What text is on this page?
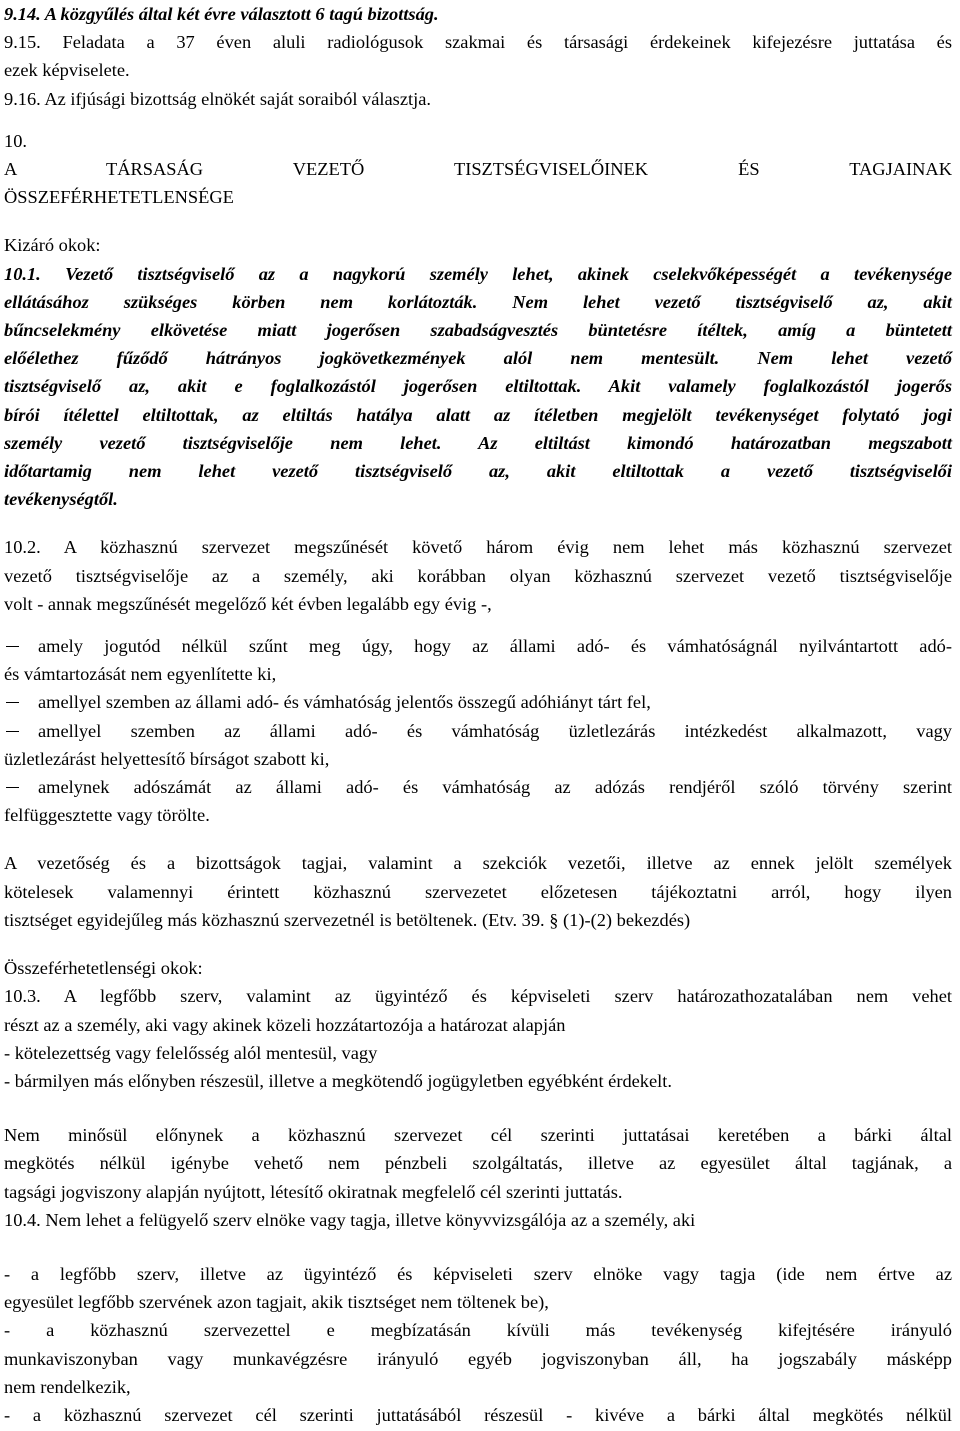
9.14. A közgyűlés által két évre választott 6 tagú bizottság.

9.15. Feladata a 37 éven aluli radiológusok szakmai és társasági érdekeinek kifejezésre juttatása és

ezek képviselete.

9.16. Az ifjúsági bizottság elnökét saját soraiból választja.

10.

A TÁRSASÁG VEZETŐ TISZTSÉGVISELŐINEK ÉS TAGJAINAK

ÖSSZEFÉRHETETLENSÉGE

Kizáró okok:

10.1. Vezető tisztségviselő az a nagykorú személy lehet, akinek cselekvőképességét a tevékenysége

ellátásához szükséges körben nem korlátozták. Nem lehet vezető tisztségviselő az, akit

bűncselekmény elkövetése miatt jogerősen szabadságvesztés büntetésre ítéltek, amíg a büntetett

előélethez fűződő hátrányos jogkövetkezmények alól nem mentesült. Nem lehet vezető

tisztségviselő az, akit e foglalkozástól jogerősen eltiltottak. Akit valamely foglalkozástól jogerős

bírói ítélettel eltiltottak, az eltiltás hatálya alatt az ítéletben megjelölt tevékenységet folytató jogi

személy vezető tisztségviselője nem lehet. Az eltiltást kimondó határozatban megszabott

időtartamig nem lehet vezető tisztségviselő az, akit eltiltottak a vezető tisztségviselői

tevékenységtől.

10.2. A közhasznú szervezet megszűnését követő három évig nem lehet más közhasznú szervezet

vezető tisztségviselője az a személy, aki korábban olyan közhasznú szervezet vezető tisztségviselője

volt - annak megszűnését megelőző két évben legalább egy évig -,

amely jogutód nélkül szűnt meg úgy, hogy az állami adó- és vámhatóságnál nyilvántartott adó-

és vámtartozását nem egyenlítette ki,

amellyel szemben az állami adó- és vámhatóság jelentős összegű adóhiányt tárt fel,

amellyel szemben az állami adó- és vámhatóság üzletlezárás intézkedést alkalmazott, vagy

üzletlezárást helyettesítő bírságot szabott ki,

amelynek adószámát az állami adó- és vámhatóság az adózás rendjéről szóló törvény szerint

felfüggesztette vagy törölte.

A vezetőség és a bizottságok tagjai, valamint a szekciók vezetői, illetve az ennek jelölt személyek

kötelesek valamennyi érintett közhasznú szervezetet előzetesen tájékoztatni arról, hogy ilyen

tisztséget egyidejűleg más közhasznú szervezetnél is betöltenek. (Etv. 39. § (1)-(2) bekezdés)

Összeférhetetlenségi okok:

10.3. A legfőbb szerv, valamint az ügyintéző és képviseleti szerv határozathozatalában nem vehet

részt az a személy, aki vagy akinek közeli hozzátartozója a határozat alapján

- kötelezettség vagy felelősség alól mentesül, vagy

- bármilyen más előnyben részesül, illetve a megkötendő jogügyletben egyébként érdekelt.

Nem minősül előnynek a közhasznú szervezet cél szerinti juttatásai keretében a bárki által

megkötés nélkül igénybe vehető nem pénzbeli szolgáltatás, illetve az egyesület által tagjának, a

tagsági jogviszony alapján nyújtott, létesítő okiratnak megfelelő cél szerinti juttatás.

10.4. Nem lehet a felügyelő szerv elnöke vagy tagja, illetve könyvvizsgálója az a személy, aki

- a legfőbb szerv, illetve az ügyintéző és képviseleti szerv elnöke vagy tagja (ide nem értve az

egyesület legfőbb szervének azon tagjait, akik tisztséget nem töltenek be),

- a közhasznú szervezettel e megbízatásán kívüli más tevékenység kifejtésére irányuló

munkaviszonyban vagy munkavégzésre irányuló egyéb jogviszonyban áll, ha jogszabály másképp

nem rendelkezik,

- a közhasznú szervezet cél szerinti juttatásából részesül - kivéve a bárki által megkötés nélkül
